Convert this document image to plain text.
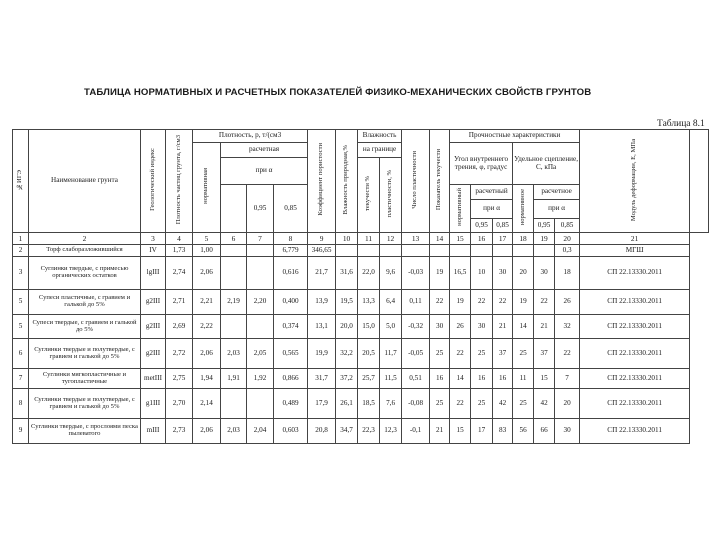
ТАБЛИЦА НОРМАТИВНЫХ И РАСЧЕТНЫХ ПОКАЗАТЕЛЕЙ ФИЗИКО-МЕХАНИЧЕСКИХ СВОЙСТВ ГРУНТОВ
Таблица 8.1
№ИГЭ	Наименование грунта	Геологический индекс	Плотность частиц грунта, г/см3	Плотность, р, т/(см3				Коэффициент пористости	Влажность природная,%	Влажность		Число пластичности	Показатель текучести	Прочностные характеристики						Модуль деформации, Е, МПа	
				нормативная	расчетная					на границе				Угол внутреннего трения, φ, градус			Удельное сцепление, С, кПа				
					при α					текучести %	пластичности, %										
						0,95	0,85							нормативный	расчетный		нормативное	расчетное			
															при α			при α			
															0,95	0,85		0,95	0,85		
1	2	3	4	5	6	7	8	9	10	11	12	13	14	15	16	17	18	19	20	21	
2	Торф слаборазложившийся	IV	1,73	1,00			6,779	346,65											0,3	МГШ	
3	Суглинки твердые, с примесью органических остатков	lgIII	2,74	2,06			0,616	21,7	31,6	22,0	9,6	-0,03	19	16,5	10	30	20	30	18	СП 22.13330.2011	
5	Супеси пластичные, с гравием и галькой до 5%	g2III	2,71	2,21	2,19	2,20	0,400	13,9	19,5	13,3	6,4	0,11	22	19	22	22	19	22	26	СП 22.13330.2011	
5	Супеси твердые, с гравием и галькой до 5%	g2III	2,69	2,22			0,374	13,1	20,0	15,0	5,0	-0,32	30	26	30	21	14	21	32	СП 22.13330.2011	
6	Суглинки твердые и полутвердые, с гравием и галькой до 5%	g2III	2,72	2,06	2,03	2,05	0,565	19,9	32,2	20,5	11,7	-0,05	25	22	25	37	25	37	22	СП 22.13330.2011	
7	Суглинки мягкопластичные и тугопластичные	mеtIII	2,75	1,94	1,91	1,92	0,866	31,7	37,2	25,7	11,5	0,51	16	14	16	16	11	15	7	СП 22.13330.2011	
8	Суглинки твердые и полутвердые, с гравием и галькой до 5%	g1III	2,70	2,14			0,489	17,9	26,1	18,5	7,6	-0,08	25	22	25	42	25	42	20	СП 22.13330.2011	
9	Суглинки твердые, с прослоями песка пылеватого	mIII	2,73	2,06	2,03	2,04	0,603	20,8	34,7	22,3	12,3	-0,1	21	15	17	83	56	66	30	СП 22.13330.2011	
